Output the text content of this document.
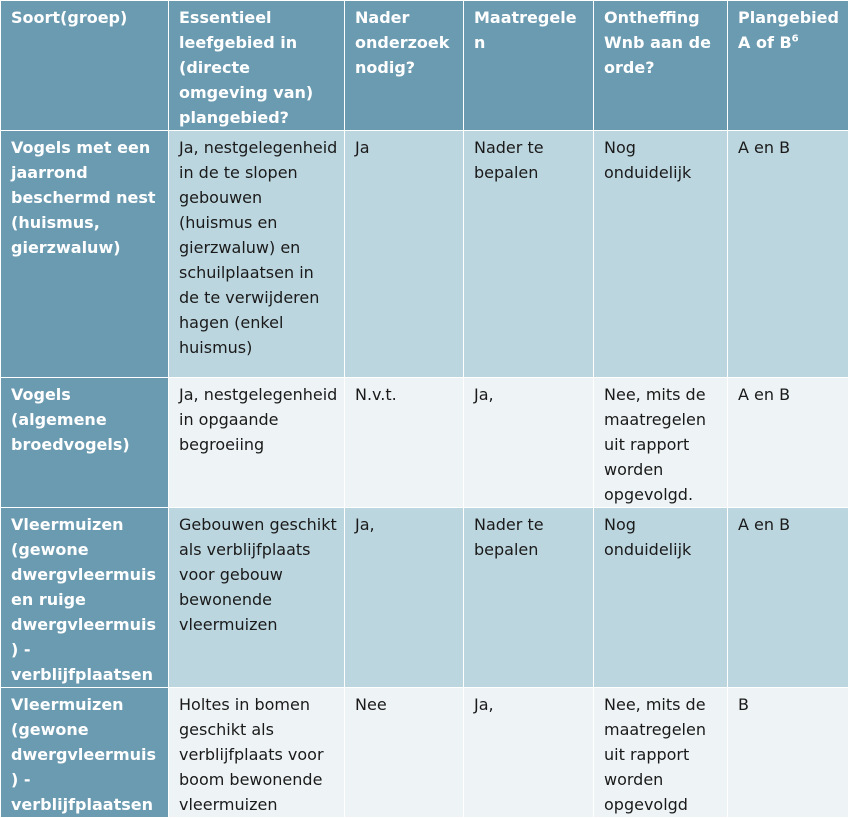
Soort(groep)	Essentieel leefgebied in (directe omgeving van) plangebied?	Nader onderzoek nodig?	Maatregelen	Ontheffing Wnb aan de orde?	Plangebied A of $B^6$
Vogels met een jaarrond beschermd nest (huismus, gierzwaluw)	Ja, nestgelegenheid in de te slopen gebouwen (huismus en gierzwaluw) en schuilplaatsen in de te verwijderen hagen (enkel huismus)	Ja	Nader te bepalen	Nog onduidelijk	A en B
Vogels (algemene broedvogels)	Ja, nestgelegenheid in opgaande begroeiing	N.v.t.	Ja,	Nee, mits de maatregelen uit rapport worden opgevolgd.	A en B
Vleermuizen (gewone dwergvleermuis en ruige dwergvleermuis) - verblijfplaatsen	Gebouwen geschikt als verblijfplaats voor gebouw bewonende vleermuizen	Ja,	Nader te bepalen	Nog onduidelijk	A en B
Vleermuizen (gewone dwergvleermuis) - verblijfplaatsen	Holtes in bomen geschikt als verblijfplaats voor boom bewonende vleermuizen	Nee	Ja,	Nee, mits de maatregelen uit rapport worden opgevolgd	B
